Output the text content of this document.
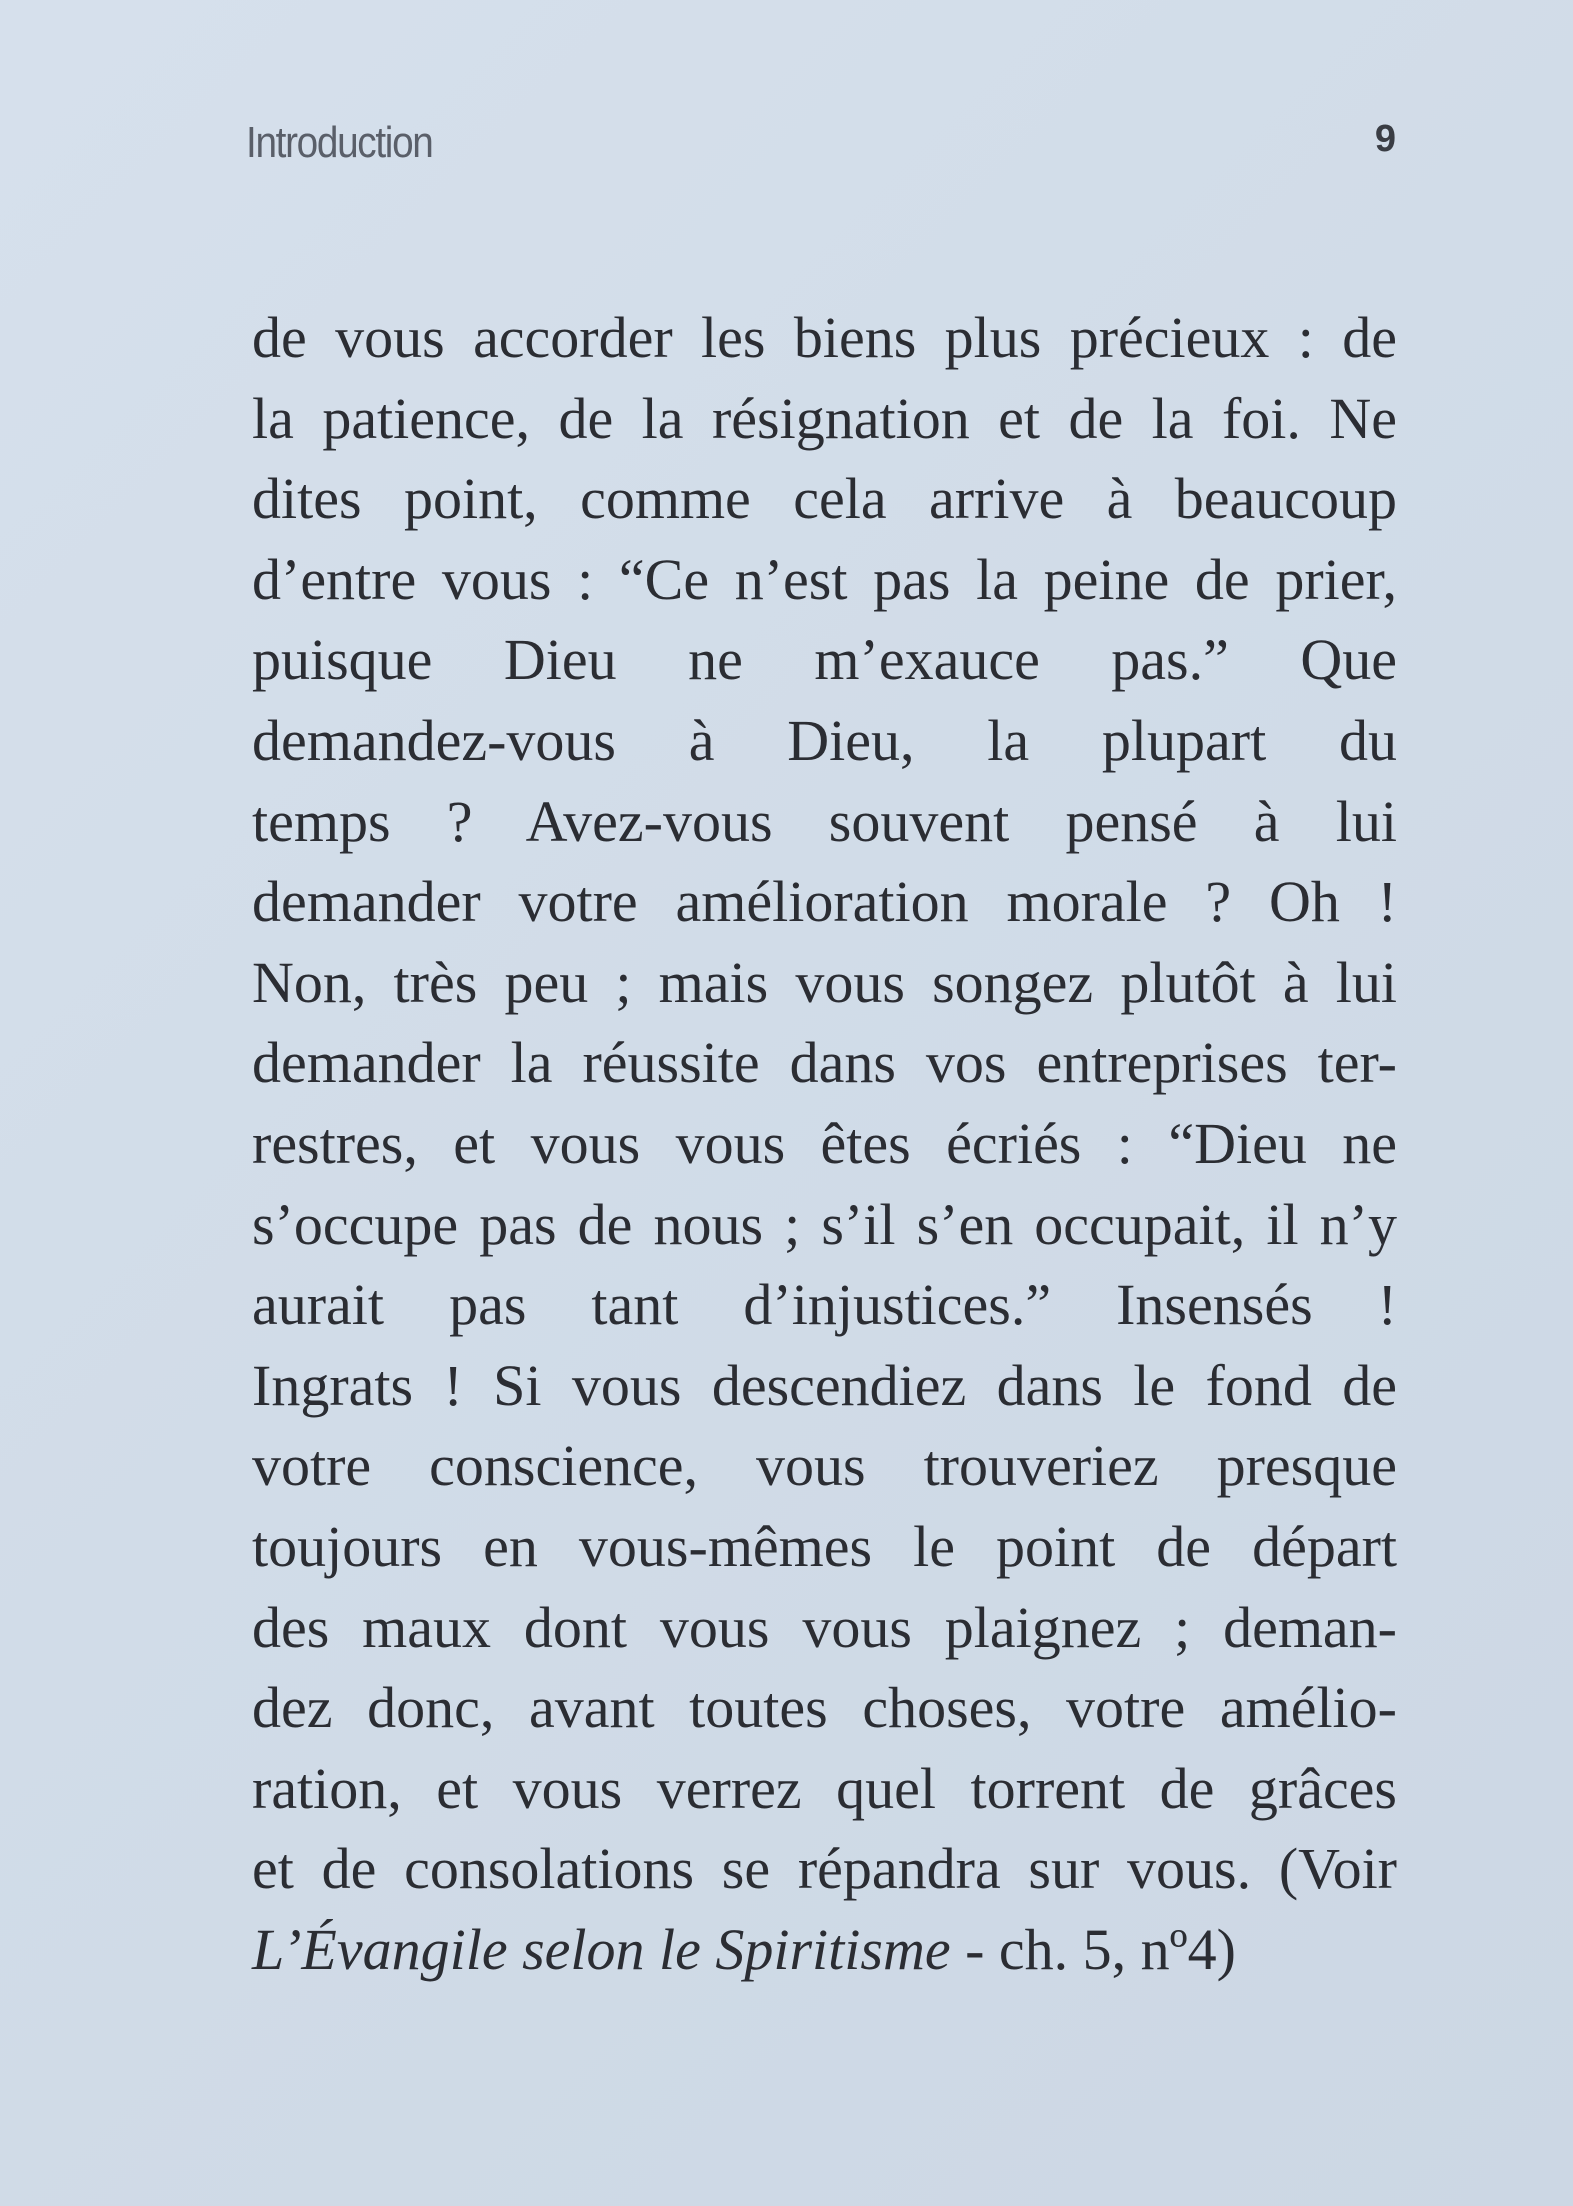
Introduction	9
de vous accorder les biens plus précieux : de
la patience, de la résignation et de la foi. Ne
dites point, comme cela arrive à beaucoup
d’entre vous : “Ce n’est pas la peine de prier,
puisque Dieu ne m’exauce pas.” Que
demandez-vous à Dieu, la plupart du
temps ? Avez-vous souvent pensé à lui
demander votre amélioration morale ? Oh !
Non, très peu ; mais vous songez plutôt à lui
demander la réussite dans vos entreprises ter-
restres, et vous vous êtes écriés : “Dieu ne
s’occupe pas de nous ; s’il s’en occupait, il n’y
aurait pas tant d’injustices.” Insensés !
Ingrats ! Si vous descendiez dans le fond de
votre conscience, vous trouveriez presque
toujours en vous-mêmes le point de départ
des maux dont vous vous plaignez ; deman-
dez donc, avant toutes choses, votre amélio-
ration, et vous verrez quel torrent de grâces
et de consolations se répandra sur vous. (Voir
L’Évangile selon le Spiritisme - ch. 5, nº4)
